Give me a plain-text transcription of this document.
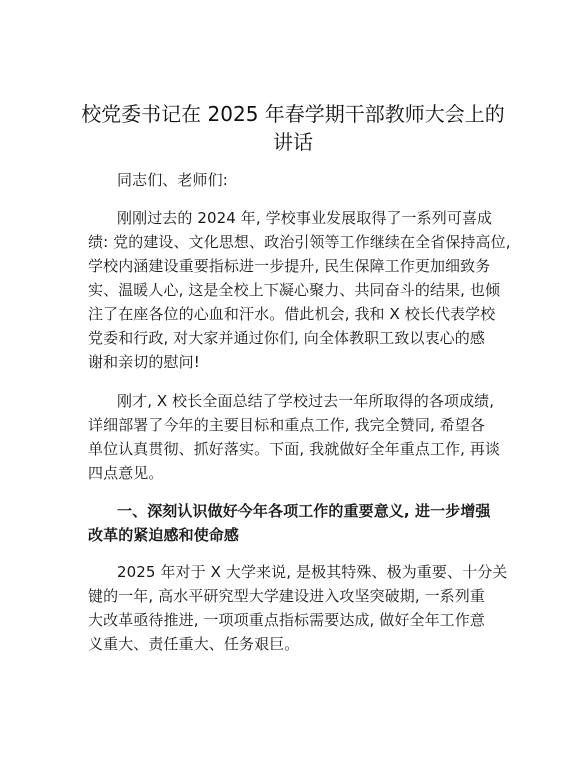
校党委书记在 2025 年春学期干部教师大会上的
讲话

同志们、老师们:

刚刚过去的 2024 年, 学校事业发展取得了一系列可喜成
绩: 党的建设、文化思想、政治引领等工作继续在全省保持高位,
学校内涵建设重要指标进一步提升, 民生保障工作更加细致务
实、温暖人心, 这是全校上下凝心聚力、共同奋斗的结果, 也倾
注了在座各位的心血和汗水。借此机会, 我和 X 校长代表学校
党委和行政, 对大家并通过你们, 向全体教职工致以衷心的感
谢和亲切的慰问!
刚才, X 校长全面总结了学校过去一年所取得的各项成绩,
详细部署了今年的主要目标和重点工作, 我完全赞同, 希望各
单位认真贯彻、抓好落实。下面, 我就做好全年重点工作, 再谈
四点意见。
一、深刻认识做好今年各项工作的重要意义, 进一步增强
改革的紧迫感和使命感
2025 年对于 X 大学来说, 是极其特殊、极为重要、十分关
键的一年, 高水平研究型大学建设进入攻坚突破期, 一系列重
大改革亟待推进, 一项项重点指标需要达成, 做好全年工作意
义重大、责任重大、任务艰巨。
